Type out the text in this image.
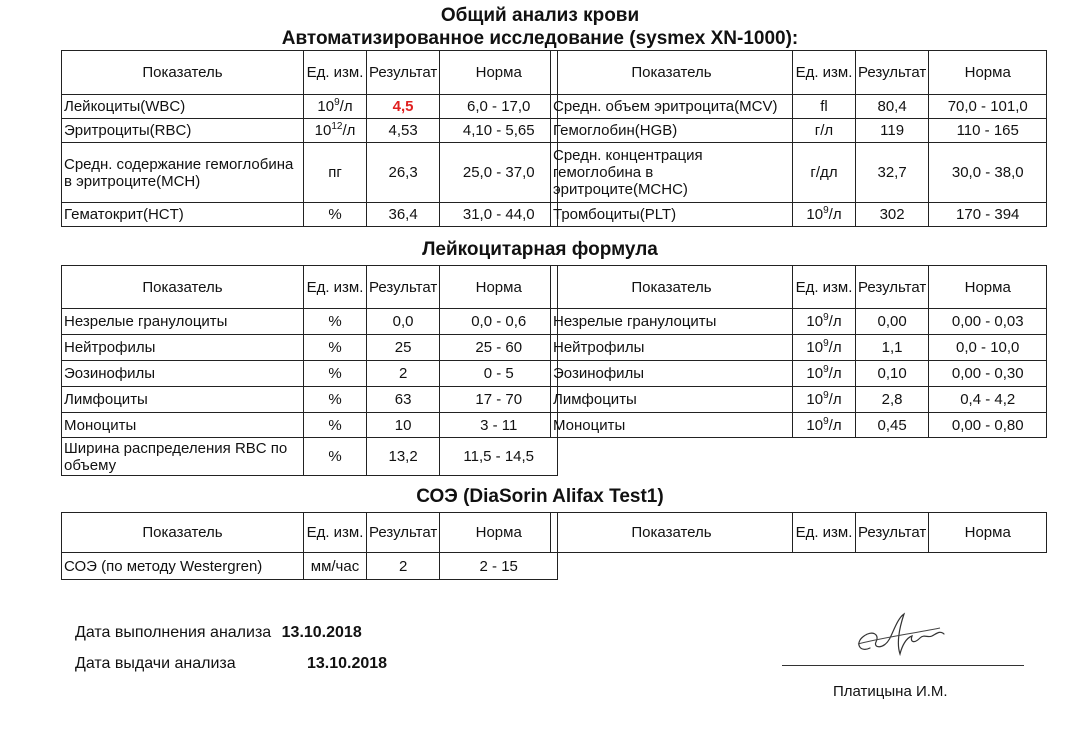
Общий анализ крови
Автоматизированное исследование (sysmex XN-1000):
Показатель	Ед. изм.	Результат	Норма
Лейкоциты(WBC)	$10^9/л$	4,5	6,0 - 17,0
Эритроциты(RBC)	$10^{12}/л$	4,53	4,10 - 5,65
Средн. содержание гемоглобина в эритроците(MCH)	пг	26,3	25,0 - 37,0
Гематокрит(HCT)	%	36,4	31,0 - 44,0
Показатель	Ед. изм.	Результат	Норма
Средн. объем эритроцита(MCV)	fl	80,4	70,0 - 101,0
Гемоглобин(HGB)	г/л	119	110 - 165
Средн. концентрация гемоглобина в эритроците(MCHC)	г/дл	32,7	30,0 - 38,0
Тромбоциты(PLT)	$10^9/л$	302	170 - 394
Лейкоцитарная формула
Показатель	Ед. изм.	Результат	Норма
Незрелые гранулоциты	%	0,0	0,0 - 0,6
Нейтрофилы	%	25	25 - 60
Эозинофилы	%	2	0 - 5
Лимфоциты	%	63	17 - 70
Моноциты	%	10	3 - 11
Ширина распределения RBC по объему	%	13,2	11,5 - 14,5
Показатель	Ед. изм.	Результат	Норма
Незрелые гранулоциты	$10^9/л$	0,00	0,00 - 0,03
Нейтрофилы	$10^9/л$	1,1	0,0 - 10,0
Эозинофилы	$10^9/л$	0,10	0,00 - 0,30
Лимфоциты	$10^9/л$	2,8	0,4 - 4,2
Моноциты	$10^9/л$	0,45	0,00 - 0,80
СОЭ (DiaSorin Alifax Test1)
Показатель	Ед. изм.	Результат	Норма
СОЭ (по методу Westergren)	мм/час	2	2 - 15
Показатель	Ед. изм.	Результат	Норма
Дата выполнения анализа 13.10.2018
Дата выдачи анализа	13.10.2018
Платицына И.М.
